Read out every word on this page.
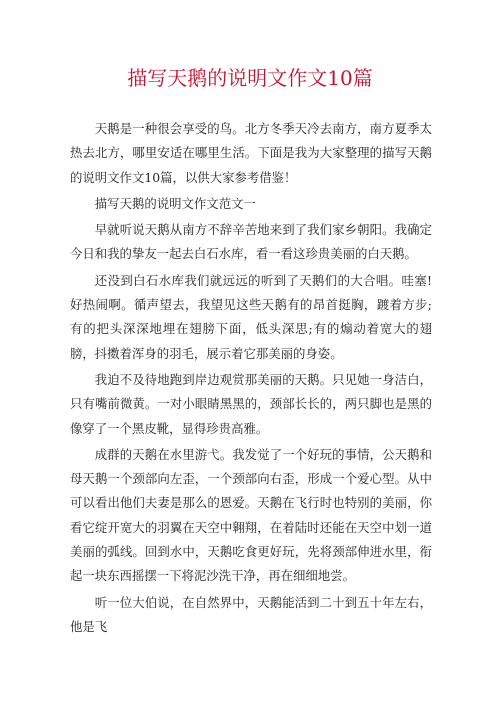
描写天鹅的说明文作文10篇

天鹅是一种很会享受的鸟。北方冬季天冷去南方，南方夏季太热去北方，哪里安适在哪里生活。下面是我为大家整理的描写天鹅的说明文作文10篇，以供大家参考借鉴！

描写天鹅的说明文作文范文一

早就听说天鹅从南方不辞辛苦地来到了我们家乡朝阳。我确定今日和我的挚友一起去白石水库，看一看这珍贵美丽的白天鹅。

还没到白石水库我们就远远的听到了天鹅们的大合唱。哇塞!好热闹啊。循声望去，我望见这些天鹅有的昂首挺胸，踱着方步;有的把头深深地埋在翅膀下面，低头深思;有的煽动着宽大的翅膀，抖擞着浑身的羽毛，展示着它那美丽的身姿。

我迫不及待地跑到岸边观赏那美丽的天鹅。只见她一身洁白，只有嘴前微黄。一对小眼睛黑黑的，颈部长长的，两只脚也是黑的像穿了一个黑皮靴，显得珍贵高雅。

成群的天鹅在水里游弋。我发觉了一个好玩的事情，公天鹅和母天鹅一个颈部向左歪，一个颈部向右歪，形成一个爱心型。从中可以看出他们夫妻是那么的恩爱。天鹅在飞行时也特别的美丽，你看它绽开宽大的羽翼在天空中翱翔，在着陆时还能在天空中划一道美丽的弧线。回到水中，天鹅吃食更好玩，先将颈部伸进水里，衔起一块东西摇摆一下将泥沙洗干净，再在细细地尝。

听一位大伯说，在自然界中，天鹅能活到二十到五十年左右，他是飞
